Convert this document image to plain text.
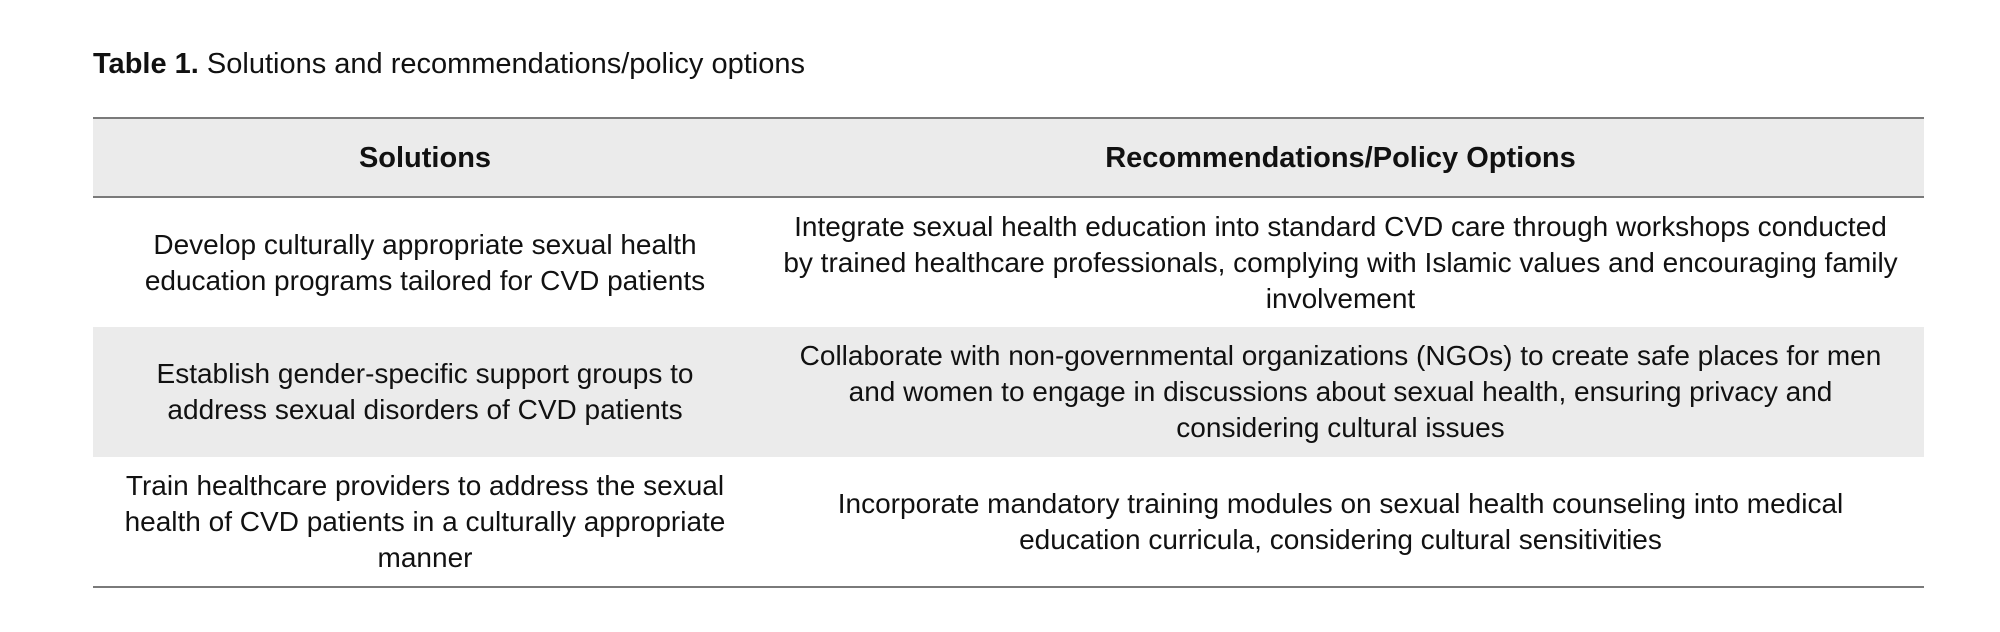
Table 1. Solutions and recommendations/policy options
Solutions	Recommendations/Policy Options
Develop culturally appropriate sexual health education programs tailored for CVD patients	Integrate sexual health education into standard CVD care through workshops conducted by trained healthcare professionals, complying with Islamic values and encouraging family involvement
Establish gender-specific support groups to address sexual disorders of CVD patients	Collaborate with non-governmental organizations (NGOs) to create safe places for men and women to engage in discussions about sexual health, ensuring privacy and considering cultural issues
Train healthcare providers to address the sexual health of CVD patients in a culturally appropriate manner	Incorporate mandatory training modules on sexual health counseling into medical education curricula, considering cultural sensitivities
